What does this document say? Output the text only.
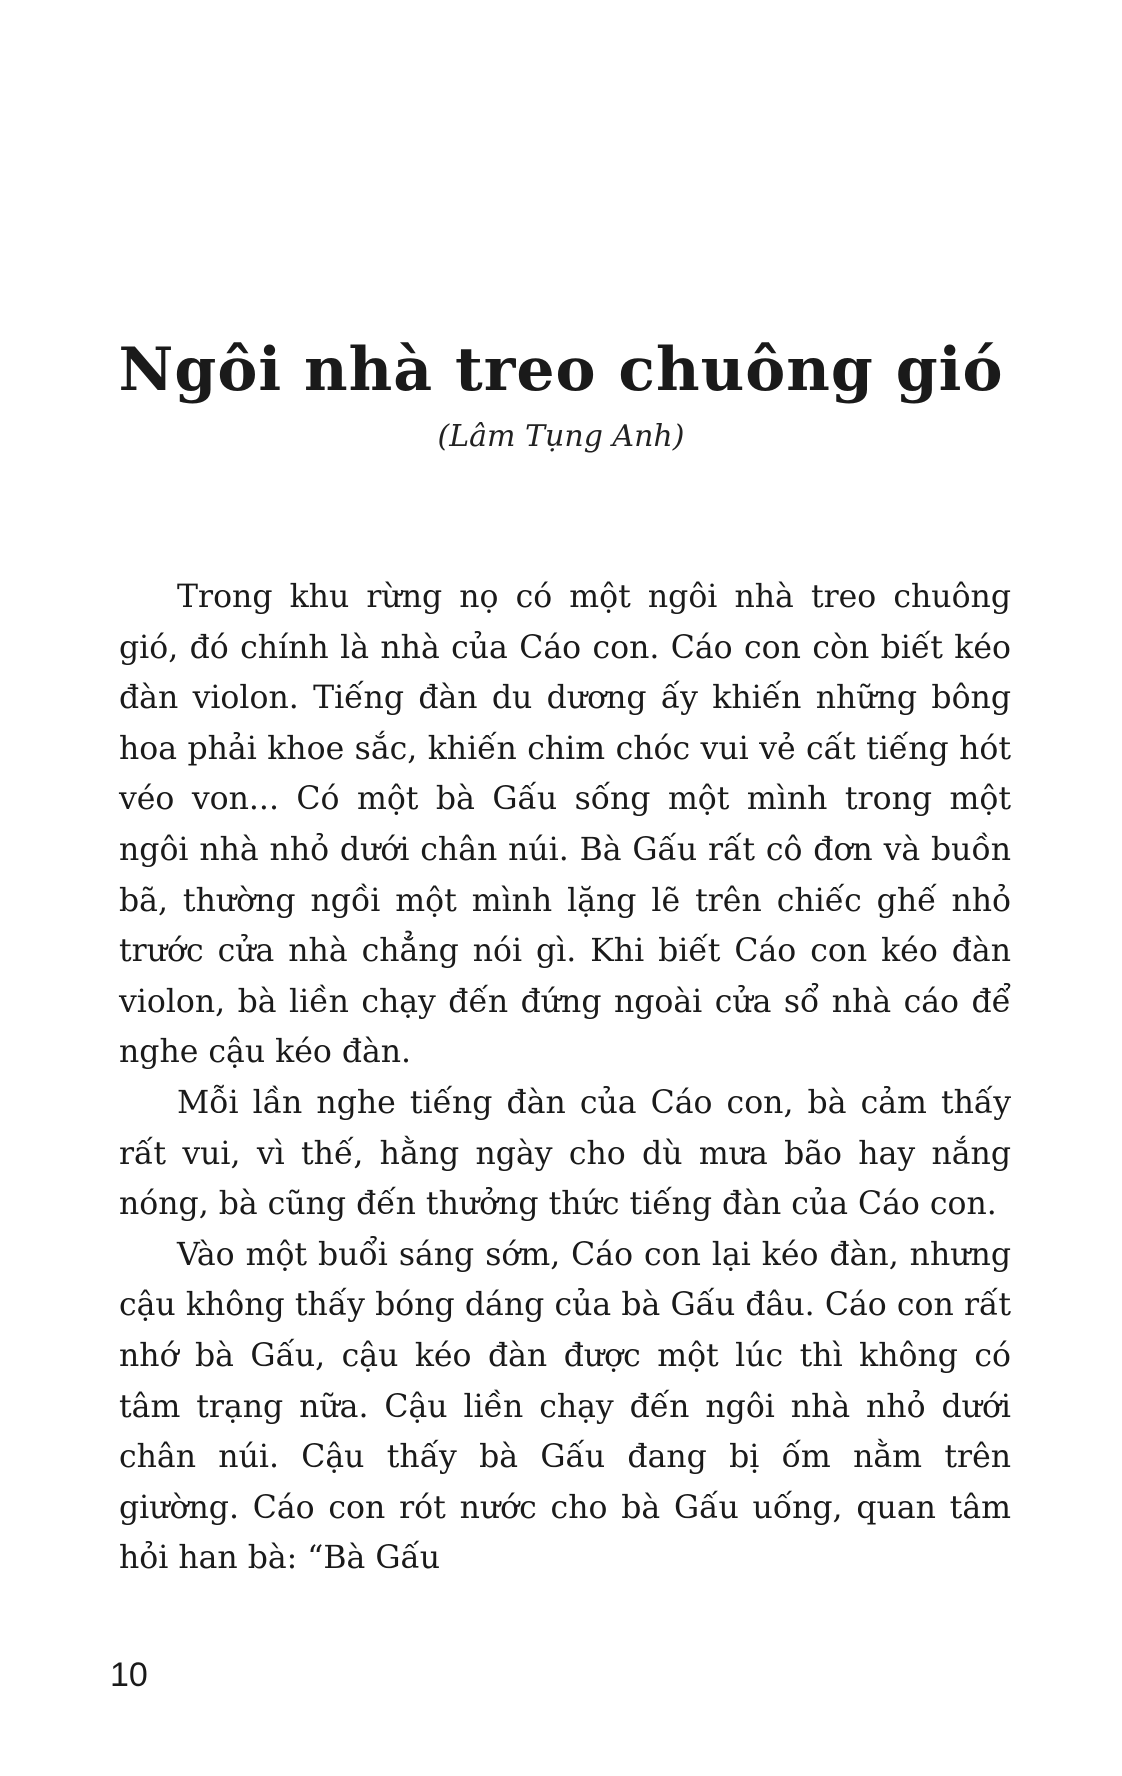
Ngôi nhà treo chuông gió
(Lâm Tụng Anh)

Trong khu rừng nọ có một ngôi nhà treo chuông gió, đó chính là nhà của Cáo con. Cáo con còn biết kéo đàn violon. Tiếng đàn du dương ấy khiến những bông hoa phải khoe sắc, khiến chim chóc vui vẻ cất tiếng hót véo von... Có một bà Gấu sống một mình trong một ngôi nhà nhỏ dưới chân núi. Bà Gấu rất cô đơn và buồn bã, thường ngồi một mình lặng lẽ trên chiếc ghế nhỏ trước cửa nhà chẳng nói gì. Khi biết Cáo con kéo đàn violon, bà liền chạy đến đứng ngoài cửa sổ nhà cáo để nghe cậu kéo đàn.

Mỗi lần nghe tiếng đàn của Cáo con, bà cảm thấy rất vui, vì thế, hằng ngày cho dù mưa bão hay nắng nóng, bà cũng đến thưởng thức tiếng đàn của Cáo con.

Vào một buổi sáng sớm, Cáo con lại kéo đàn, nhưng cậu không thấy bóng dáng của bà Gấu đâu. Cáo con rất nhớ bà Gấu, cậu kéo đàn được một lúc thì không có tâm trạng nữa. Cậu liền chạy đến ngôi nhà nhỏ dưới chân núi. Cậu thấy bà Gấu đang bị ốm nằm trên giường. Cáo con rót nước cho bà Gấu uống, quan tâm hỏi han bà: “Bà Gấu

10
